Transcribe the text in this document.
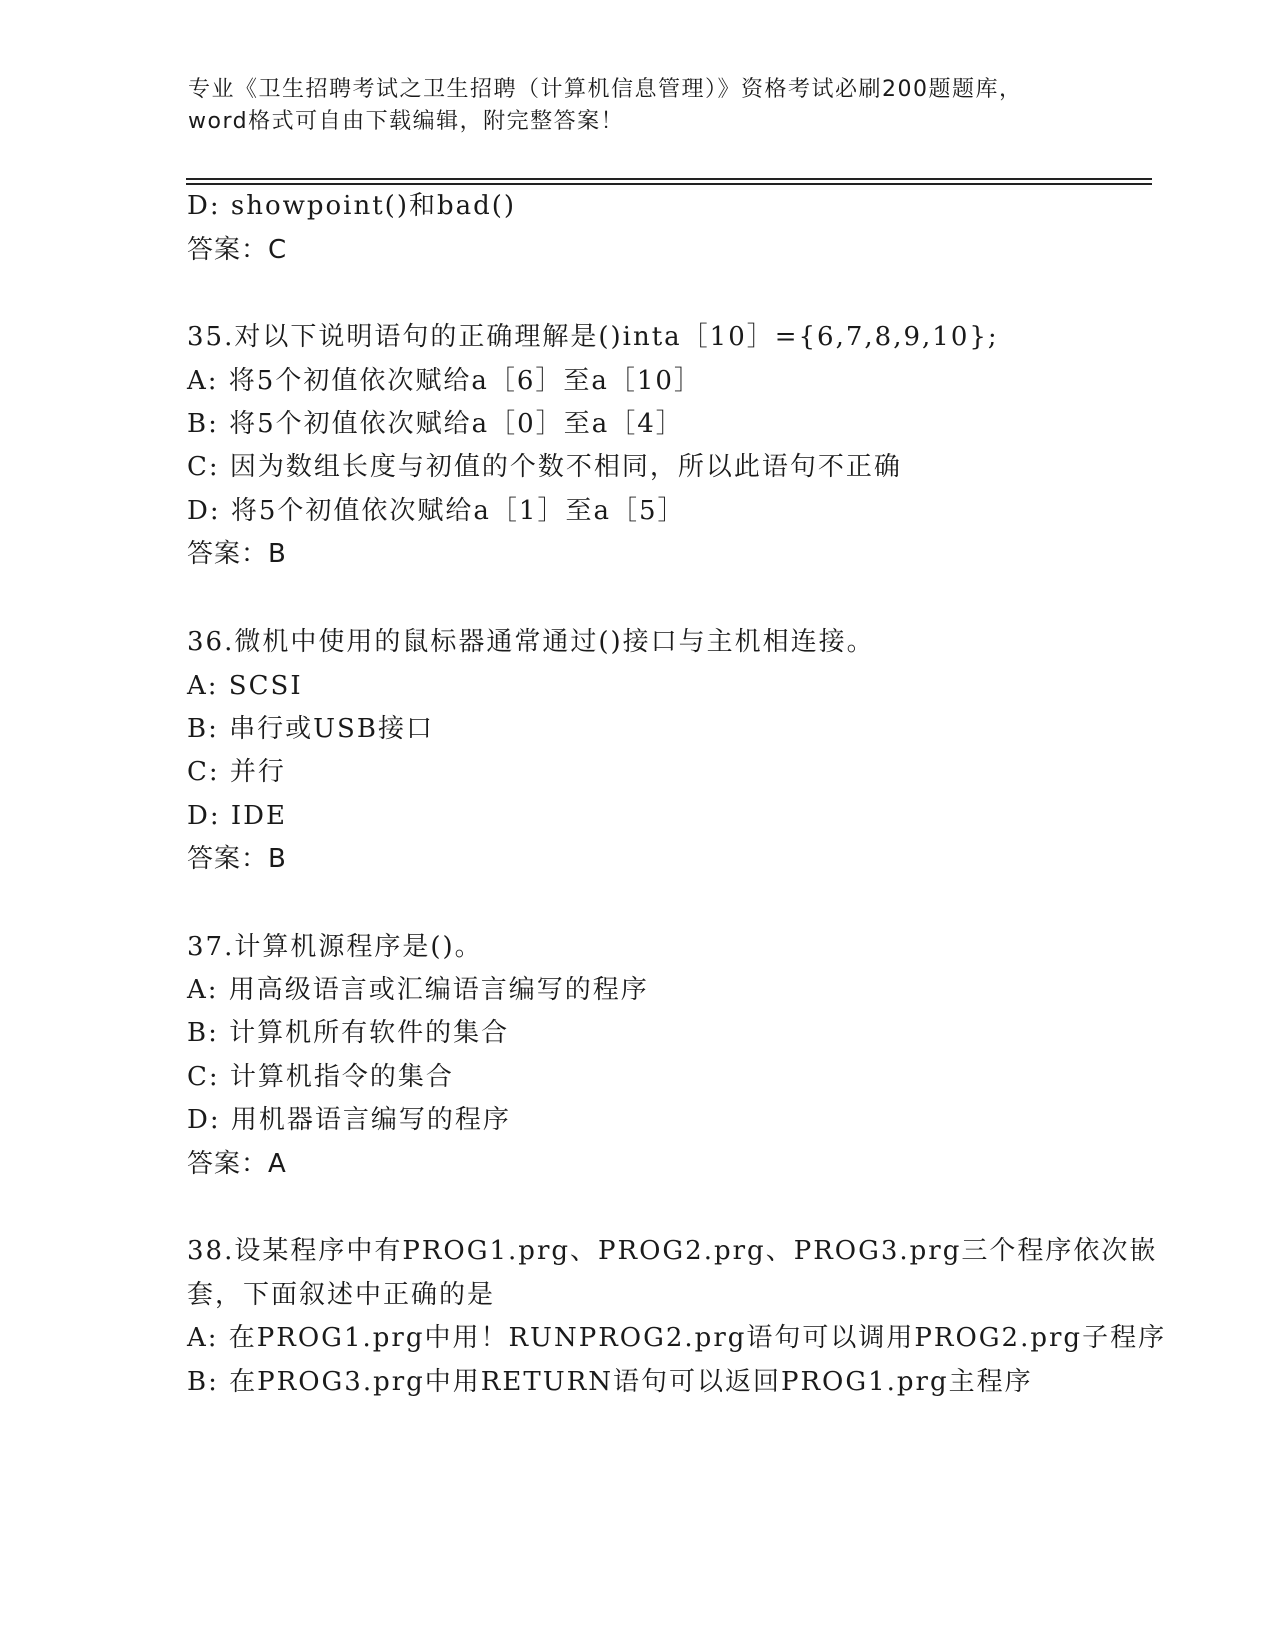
专业《卫生招聘考试之卫生招聘（计算机信息管理）》资格考试必刷200题题库，
word格式可自由下载编辑，附完整答案！
D: showpoint()和bad()
答案：C
35.对以下说明语句的正确理解是()inta［10］={6,7,8,9,10};
A: 将5个初值依次赋给a［6］至a［10］
B: 将5个初值依次赋给a［0］至a［4］
C: 因为数组长度与初值的个数不相同，所以此语句不正确
D: 将5个初值依次赋给a［1］至a［5］
答案：B
36.微机中使用的鼠标器通常通过()接口与主机相连接。
A: SCSI
B: 串行或USB接口
C: 并行
D: IDE
答案：B
37.计算机源程序是()。
A: 用高级语言或汇编语言编写的程序
B: 计算机所有软件的集合
C: 计算机指令的集合
D: 用机器语言编写的程序
答案：A
38.设某程序中有PROG1.prg、PROG2.prg、PROG3.prg三个程序依次嵌
套，下面叙述中正确的是
A: 在PROG1.prg中用！RUNPROG2.prg语句可以调用PROG2.prg子程序
B: 在PROG3.prg中用RETURN语句可以返回PROG1.prg主程序
